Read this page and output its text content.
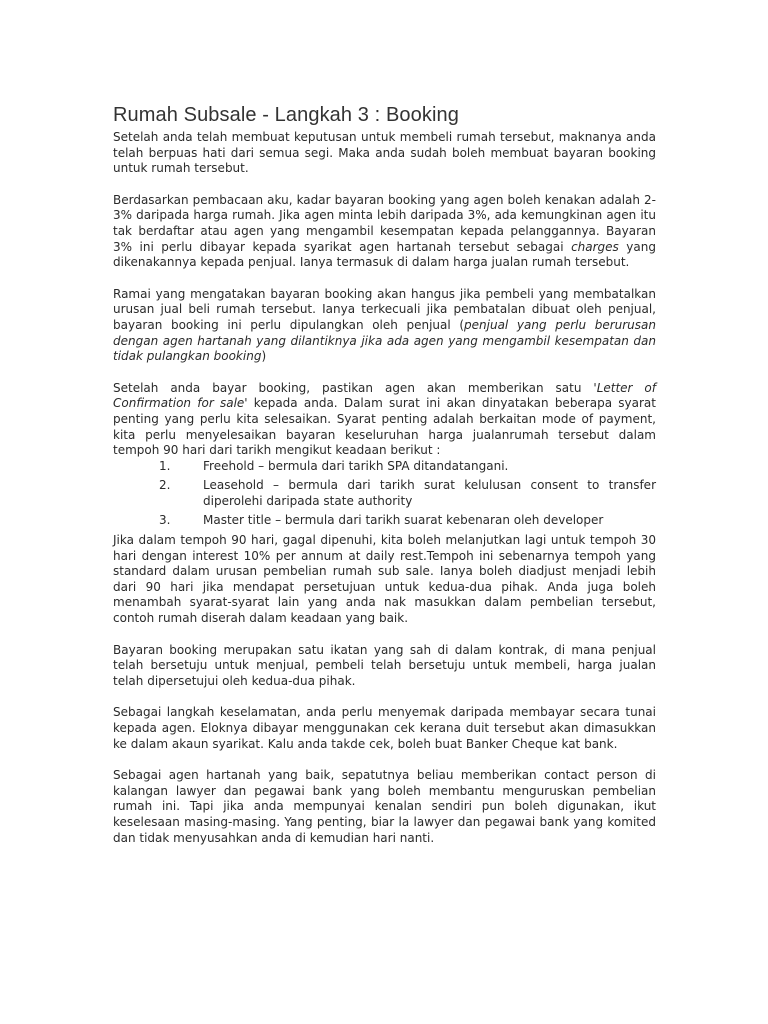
Rumah Subsale - Langkah 3 : Booking

Setelah anda telah membuat keputusan untuk membeli rumah tersebut, maknanya anda telah berpuas hati dari semua segi. Maka anda sudah boleh membuat bayaran booking untuk rumah tersebut.

Berdasarkan pembacaan aku, kadar bayaran booking yang agen boleh kenakan adalah 2-3% daripada harga rumah. Jika agen minta lebih daripada 3%, ada kemungkinan agen itu tak berdaftar atau agen yang mengambil kesempatan kepada pelanggannya. Bayaran 3% ini perlu dibayar kepada syarikat agen hartanah tersebut sebagai charges yang dikenakannya kepada penjual. Ianya termasuk di dalam harga jualan rumah tersebut.

Ramai yang mengatakan bayaran booking akan hangus jika pembeli yang membatalkan urusan jual beli rumah tersebut. Ianya terkecuali jika pembatalan dibuat oleh penjual, bayaran booking ini perlu dipulangkan oleh penjual (penjual yang perlu berurusan dengan agen hartanah yang dilantiknya jika ada agen yang mengambil kesempatan dan tidak pulangkan booking)

Setelah anda bayar booking, pastikan agen akan memberikan satu 'Letter of Confirmation for sale' kepada anda. Dalam surat ini akan dinyatakan beberapa syarat penting yang perlu kita selesaikan. Syarat penting adalah berkaitan mode of payment, kita perlu menyelesaikan bayaran keseluruhan harga jualanrumah tersebut dalam tempoh 90 hari dari tarikh mengikut keadaan berikut :

1.	Freehold – bermula dari tarikh SPA ditandatangani.
2.	Leasehold – bermula dari tarikh surat kelulusan consent to transfer diperolehi daripada state authority
3.	Master title – bermula dari tarikh suarat kebenaran oleh developer

Jika dalam tempoh 90 hari, gagal dipenuhi, kita boleh melanjutkan lagi untuk tempoh 30 hari dengan interest 10% per annum at daily rest.Tempoh ini sebenarnya tempoh yang standard dalam urusan pembelian rumah sub sale. Ianya boleh diadjust menjadi lebih dari 90 hari jika mendapat persetujuan untuk kedua-dua pihak. Anda juga boleh menambah syarat-syarat lain yang anda nak masukkan dalam pembelian tersebut, contoh rumah diserah dalam keadaan yang baik.

Bayaran booking merupakan satu ikatan yang sah di dalam kontrak, di mana penjual telah bersetuju untuk menjual, pembeli telah bersetuju untuk membeli, harga jualan telah dipersetujui oleh kedua-dua pihak.

Sebagai langkah keselamatan, anda perlu menyemak daripada membayar secara tunai kepada agen. Eloknya dibayar menggunakan cek kerana duit tersebut akan dimasukkan ke dalam akaun syarikat. Kalu anda takde cek, boleh buat Banker Cheque kat bank.

Sebagai agen hartanah yang baik, sepatutnya beliau memberikan contact person di kalangan lawyer dan pegawai bank yang boleh membantu menguruskan pembelian rumah ini. Tapi jika anda mempunyai kenalan sendiri pun boleh digunakan, ikut keselesaan masing-masing. Yang penting, biar la lawyer dan pegawai bank yang komited dan tidak menyusahkan anda di kemudian hari nanti.
